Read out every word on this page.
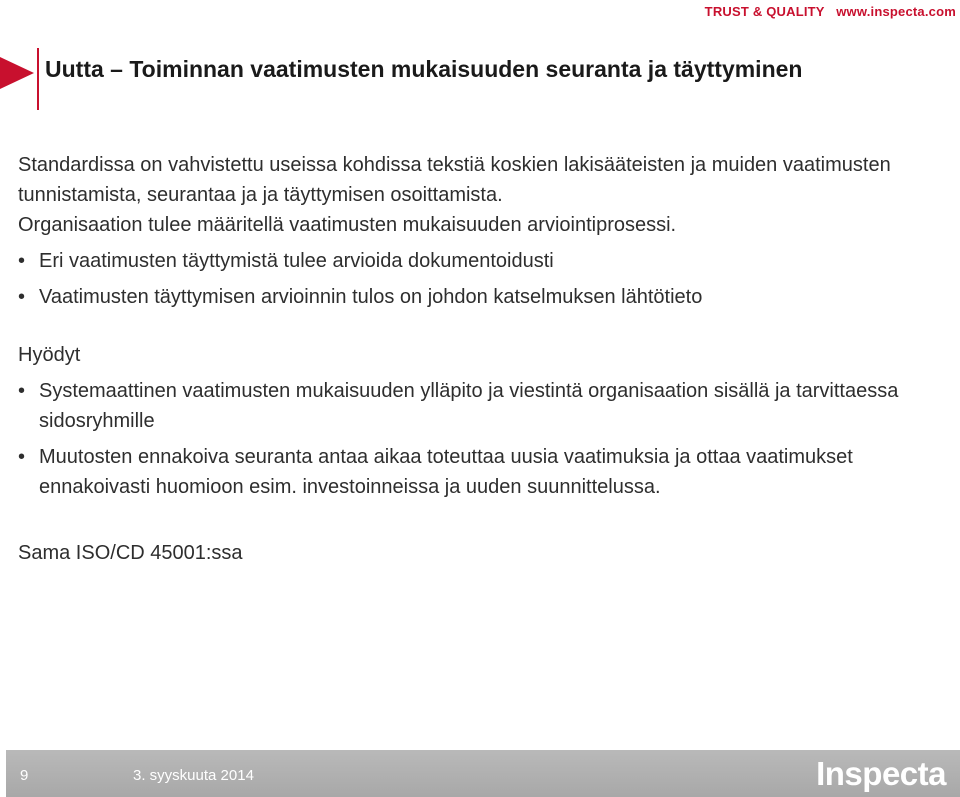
TRUST & QUALITY www.inspecta.com
Uutta – Toiminnan vaatimusten mukaisuuden seuranta ja täyttyminen

Standardissa on vahvistettu useissa kohdissa tekstiä koskien lakisääteisten ja muiden vaatimusten tunnistamista, seurantaa ja ja täyttymisen osoittamista.
Organisaation tulee määritellä vaatimusten mukaisuuden arviointiprosessi.

• Eri vaatimusten täyttymistä tulee arvioida dokumentoidusti
• Vaatimusten täyttymisen arvioinnin tulos on johdon katselmuksen lähtötieto

Hyödyt

• Systemaattinen vaatimusten mukaisuuden ylläpito ja viestintä organisaation sisällä ja tarvittaessa sidosryhmille
• Muutosten ennakoiva seuranta antaa aikaa toteuttaa uusia vaatimuksia ja ottaa vaatimukset ennakoivasti huomioon esim. investoinneissa ja uuden suunnittelussa.

Sama ISO/CD 45001:ssa

9	3. syyskuuta 2014	Inspecta
